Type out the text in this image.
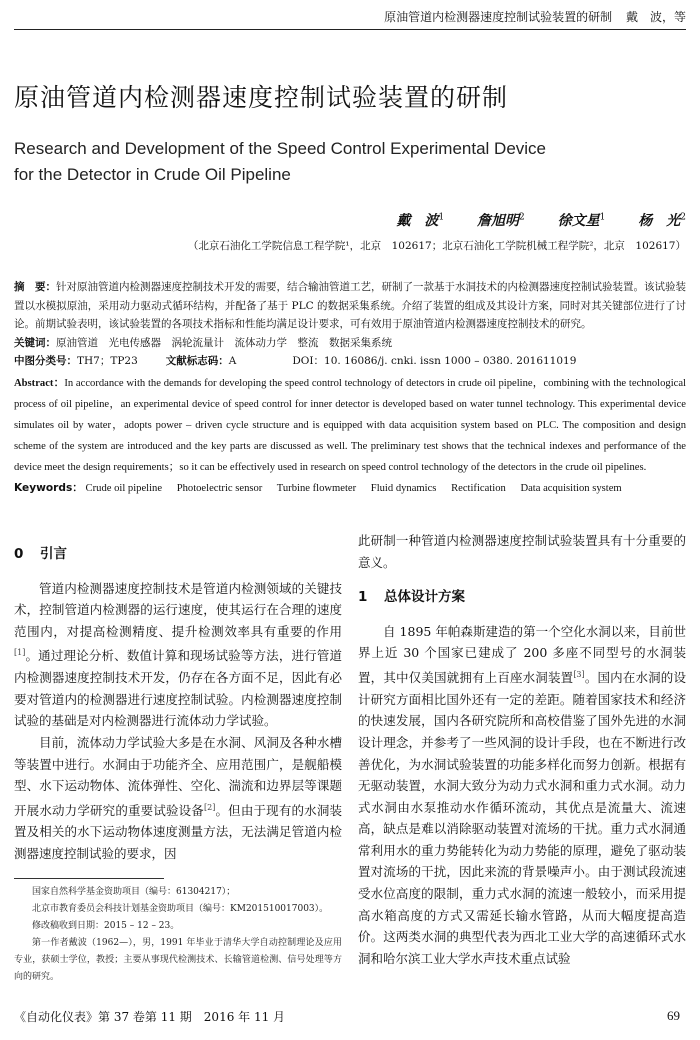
原油管道内检测器速度控制试验装置的研制 戴　波，等
原油管道内检测器速度控制试验装置的研制
Research and Development of the Speed Control Experimental Device
for the Detector in Crude Oil Pipeline
戴　波$^1$ 詹旭明$^2$ 徐文星$^1$ 杨　光$^2$
（北京石油化工学院信息工程学院¹，北京　102617；北京石油化工学院机械工程学院²，北京　102617）

摘　要：针对原油管道内检测器速度控制技术开发的需要，结合输油管道工艺，研制了一款基于水洞技术的内检测器速度控制试验装置。该试验装置以水模拟原油，采用动力驱动式循环结构，并配备了基于 PLC 的数据采集系统。介绍了装置的组成及其设计方案，同时对其关键部位进行了讨论。前期试验表明，该试验装置的各项技术指标和性能均满足设计要求，可有效用于原油管道内检测器速度控制技术的研究。

关键词：原油管道　光电传感器　涡轮流量计　流体动力学　整流　数据采集系统

中图分类号：TH7；TP23	文献标志码：A	DOI：10. 16086/j. cnki. issn 1000 – 0380. 201611019

Abstract：In accordance with the demands for developing the speed control technology of detectors in crude oil pipeline，combining with the technological process of oil pipeline，an experimental device of speed control for inner detector is developed based on water tunnel technology. This experimental device simulates oil by water，adopts power – driven cycle structure and is equipped with data acquisition system based on PLC. The composition and design scheme of the system are introduced and the key parts are discussed as well. The preliminary test shows that the technical indexes and performance of the device meet the design requirements；so it can be effectively used in research on speed control technology of the detectors in the crude oil pipelines.

Keywords： Crude oil pipeline Photoelectric sensor Turbine flowmeter Fluid dynamics Rectification Data acquisition system

0 引言

管道内检测器速度控制技术是管道内检测领域的关键技术，控制管道内检测器的运行速度，使其运行在合理的速度范围内，对提高检测精度、提升检测效率具有重要的作用[1]。通过理论分析、数值计算和现场试验等方法，进行管道内检测器速度控制技术开发，仍存在各方面不足，因此有必要对管道内的检测器进行速度控制试验。内检测器速度控制试验的基础是对内检测器进行流体动力学试验。

目前，流体动力学试验大多是在水洞、风洞及各种水槽等装置中进行。水洞由于功能齐全、应用范围广，是舰船模型、水下运动物体、流体弹性、空化、湍流和边界层等课题开展水动力学研究的重要试验设备[2]。但由于现有的水洞装置及相关的水下运动物体速度测量方法，无法满足管道内检测器速度控制试验的要求，因

此研制一种管道内检测器速度控制试验装置具有十分重要的意义。

1 总体设计方案

自 1895 年帕森斯建造的第一个空化水洞以来，目前世界上近 30 个国家已建成了 200 多座不同型号的水洞装置，其中仅美国就拥有上百座水洞装置[3]。国内在水洞的设计研究方面相比国外还有一定的差距。随着国家技术和经济的快速发展，国内各研究院所和高校借鉴了国外先进的水洞设计理念，并参考了一些风洞的设计手段，也在不断进行改善优化，为水洞试验装置的功能多样化而努力创新。根据有无驱动装置，水洞大致分为动力式水洞和重力式水洞。动力式水洞由水泵推动水作循环流动，其优点是流量大、流速高，缺点是难以消除驱动装置对流场的干扰。重力式水洞通常利用水的重力势能转化为动力势能的原理，避免了驱动装置对流场的干扰，因此来流的背景噪声小。由于测试段流速受水位高度的限制，重力式水洞的流速一般较小，而采用提高水箱高度的方式又需延长输水管路，从而大幅度提高造价。这两类水洞的典型代表为西北工业大学的高速循环式水洞和哈尔滨工业大学水声技术重点试验

国家自然科学基金资助项目（编号：61304217）；

北京市教育委员会科技计划基金资助项目（编号：KM201510017003）。

修改稿收到日期：2015 – 12 – 23。

第一作者戴波（1962—），男，1991 年毕业于清华大学自动控制理论及应用专业，获硕士学位，教授；主要从事现代检测技术、长输管道检测、信号处理等方向的研究。

《自动化仪表》第 37 卷第 11 期　2016 年 11 月	69
